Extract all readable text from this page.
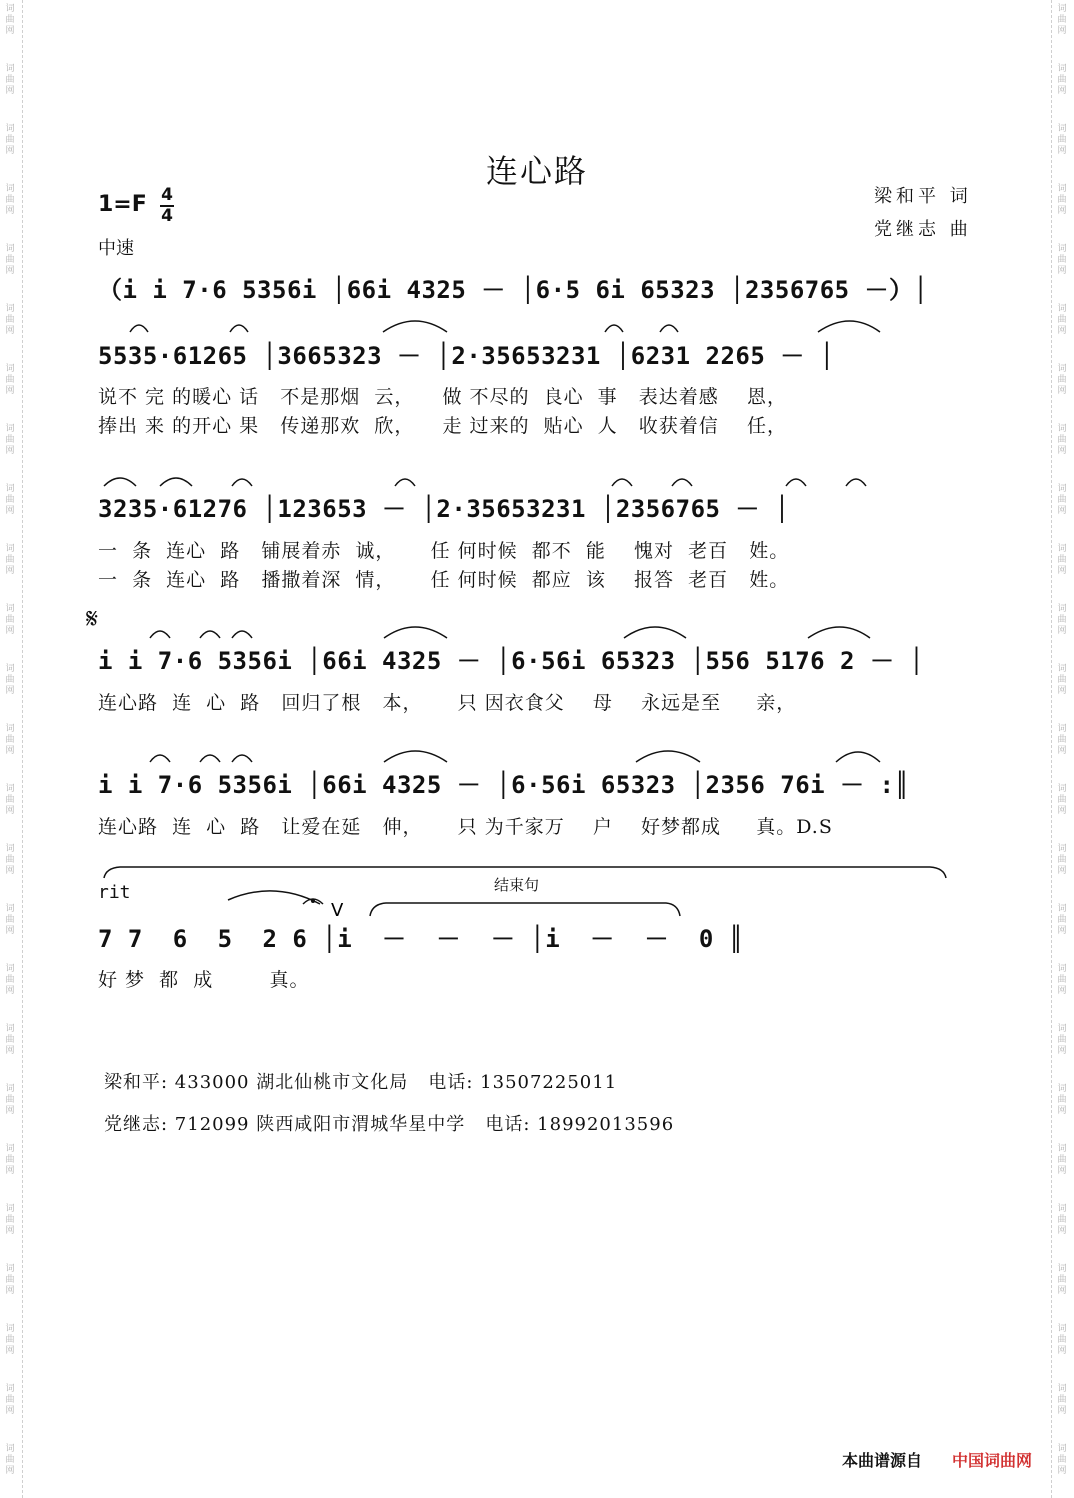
词
曲
网
词
曲
网
词
曲
网
词
曲
网
词
曲
网
词
曲
网
词
曲
网
词
曲
网
词
曲
网
词
曲
网
词
曲
网
词
曲
网
词
曲
网
词
曲
网
词
曲
网
词
曲
网
词
曲
网
词
曲
网
词
曲
网
词
曲
网
词
曲
网
词
曲
网
词
曲
网
词
曲
网
词
曲
网
词
曲
网
词
曲
网
词
曲
网
词
曲
网
词
曲
网
词
曲
网
词
曲
网
词
曲
网
词
曲
网
词
曲
网
词
曲
网
词
曲
网
词
曲
网
词
曲
网
词
曲
网
词
曲
网
词
曲
网
词
曲
网
词
曲
网
词
曲
网
词
曲
网
词
曲
网
词
曲
网
词
曲
网
词
曲
网
连心路
梁和平 词
党继志 曲
1=F 4
4
中速
（i i 7·6 5356i │66i 4325 － │6·5 6i 65323 │2356765 －）│
5535·61265 │3665323 － │2·35653231 │6231 2265 － │
说不 完 的暖心 话   不是那烟  云，    做 不尽的  良心  事   表达着感    恩，
捧出 来 的开心 果   传递那欢  欣，    走 过来的  贴心  人   收获着信    任，
3235·61276 │123653 － │2·35653231 │2356765 － │
一  条  连心  路   铺展着赤  诚，     任 何时候  都不  能    愧对  老百   姓。
一  条  连心  路   播撒着深  情，     任 何时候  都应  该    报答  老百   姓。
𝄋
i i 7·6 5356i │66i 4325 － │6·56i 65323 │556 5176 2 － │
连心路  连  心  路   回归了根   本，     只 因衣食父    母    永远是至     亲，
i i 7·6 5356i │66i 4325 － │6·56i 65323 │2356 76i － :║
连心路  连  心  路   让爱在延   伸，     只 为千家万    户    好梦都成     真。D.S
rit	结束句
7 7  6  5  2 6 │i  －  －  － │i  －  －  0 ║
好 梦  都  成        真。
V
梁和平: 433000 湖北仙桃市文化局   电话: 13507225011
党继志: 712099 陕西咸阳市渭城华星中学   电话: 18992013596
本曲谱源自 中国词曲网
